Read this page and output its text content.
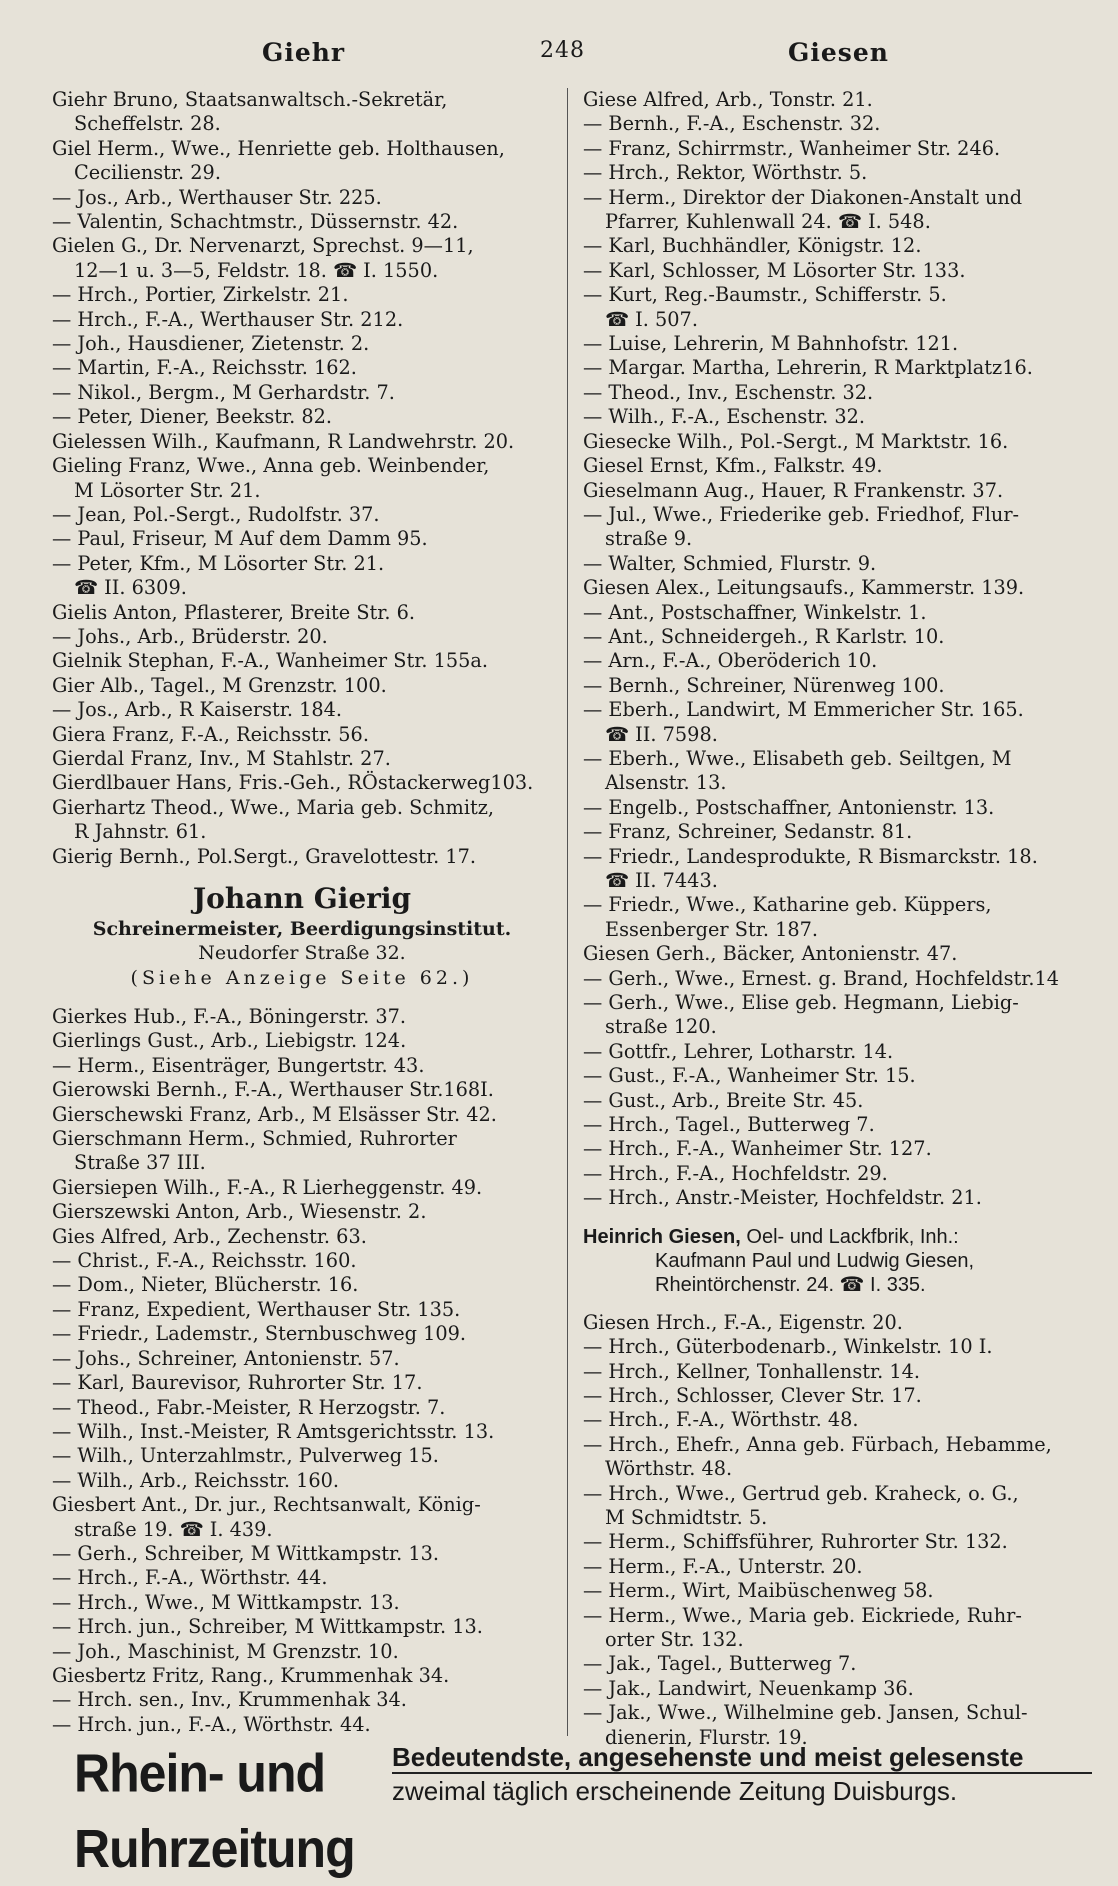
Giehr	248	Giesen
Giehr Bruno, Staatsanwaltsch.-Sekretär,
Scheffelstr. 28.
Giel Herm., Wwe., Henriette geb. Holthausen,
Cecilienstr. 29.
— Jos., Arb., Werthauser Str. 225.
— Valentin, Schachtmstr., Düssernstr. 42.
Gielen G., Dr. Nervenarzt, Sprechst. 9—11,
12—1 u. 3—5, Feldstr. 18. ☎ I. 1550.
— Hrch., Portier, Zirkelstr. 21.
— Hrch., F.-A., Werthauser Str. 212.
— Joh., Hausdiener, Zietenstr. 2.
— Martin, F.-A., Reichsstr. 162.
— Nikol., Bergm., M Gerhardstr. 7.
— Peter, Diener, Beekstr. 82.
Gielessen Wilh., Kaufmann, R Landwehrstr. 20.
Gieling Franz, Wwe., Anna geb. Weinbender,
M Lösorter Str. 21.
— Jean, Pol.-Sergt., Rudolfstr. 37.
— Paul, Friseur, M Auf dem Damm 95.
— Peter, Kfm., M Lösorter Str. 21.
☎ II. 6309.
Gielis Anton, Pflasterer, Breite Str. 6.
— Johs., Arb., Brüderstr. 20.
Gielnik Stephan, F.-A., Wanheimer Str. 155a.
Gier Alb., Tagel., M Grenzstr. 100.
— Jos., Arb., R Kaiserstr. 184.
Giera Franz, F.-A., Reichsstr. 56.
Gierdal Franz, Inv., M Stahlstr. 27.
Gierdlbauer Hans, Fris.-Geh., RÖstackerweg103.
Gierhartz Theod., Wwe., Maria geb. Schmitz,
R Jahnstr. 61.
Gierig Bernh., Pol.Sergt., Gravelottestr. 17.
Johann Gierig
Schreinermeister, Beerdigungsinstitut.
Neudorfer Straße 32.
(Siehe Anzeige Seite 62.)
Gierkes Hub., F.-A., Böningerstr. 37.
Gierlings Gust., Arb., Liebigstr. 124.
— Herm., Eisenträger, Bungertstr. 43.
Gierowski Bernh., F.-A., Werthauser Str.168I.
Gierschewski Franz, Arb., M Elsässer Str. 42.
Gierschmann Herm., Schmied, Ruhrorter
Straße 37 III.
Giersiepen Wilh., F.-A., R Lierheggenstr. 49.
Gierszewski Anton, Arb., Wiesenstr. 2.
Gies Alfred, Arb., Zechenstr. 63.
— Christ., F.-A., Reichsstr. 160.
— Dom., Nieter, Blücherstr. 16.
— Franz, Expedient, Werthauser Str. 135.
— Friedr., Lademstr., Sternbuschweg 109.
— Johs., Schreiner, Antonienstr. 57.
— Karl, Baurevisor, Ruhrorter Str. 17.
— Theod., Fabr.-Meister, R Herzogstr. 7.
— Wilh., Inst.-Meister, R Amtsgerichtsstr. 13.
— Wilh., Unterzahlmstr., Pulverweg 15.
— Wilh., Arb., Reichsstr. 160.
Giesbert Ant., Dr. jur., Rechtsanwalt, König-
straße 19. ☎ I. 439.
— Gerh., Schreiber, M Wittkampstr. 13.
— Hrch., F.-A., Wörthstr. 44.
— Hrch., Wwe., M Wittkampstr. 13.
— Hrch. jun., Schreiber, M Wittkampstr. 13.
— Joh., Maschinist, M Grenzstr. 10.
Giesbertz Fritz, Rang., Krummenhak 34.
— Hrch. sen., Inv., Krummenhak 34.
— Hrch. jun., F.-A., Wörthstr. 44.
Giese Alfred, Arb., Tonstr. 21.
— Bernh., F.-A., Eschenstr. 32.
— Franz, Schirrmstr., Wanheimer Str. 246.
— Hrch., Rektor, Wörthstr. 5.
— Herm., Direktor der Diakonen-Anstalt und
Pfarrer, Kuhlenwall 24. ☎ I. 548.
— Karl, Buchhändler, Königstr. 12.
— Karl, Schlosser, M Lösorter Str. 133.
— Kurt, Reg.-Baumstr., Schifferstr. 5.
☎ I. 507.
— Luise, Lehrerin, M Bahnhofstr. 121.
— Margar. Martha, Lehrerin, R Marktplatz16.
— Theod., Inv., Eschenstr. 32.
— Wilh., F.-A., Eschenstr. 32.
Giesecke Wilh., Pol.-Sergt., M Marktstr. 16.
Giesel Ernst, Kfm., Falkstr. 49.
Gieselmann Aug., Hauer, R Frankenstr. 37.
— Jul., Wwe., Friederike geb. Friedhof, Flur-
straße 9.
— Walter, Schmied, Flurstr. 9.
Giesen Alex., Leitungsaufs., Kammerstr. 139.
— Ant., Postschaffner, Winkelstr. 1.
— Ant., Schneidergeh., R Karlstr. 10.
— Arn., F.-A., Oberöderich 10.
— Bernh., Schreiner, Nürenweg 100.
— Eberh., Landwirt, M Emmericher Str. 165.
☎ II. 7598.
— Eberh., Wwe., Elisabeth geb. Seiltgen, M
Alsenstr. 13.
— Engelb., Postschaffner, Antonienstr. 13.
— Franz, Schreiner, Sedanstr. 81.
— Friedr., Landesprodukte, R Bismarckstr. 18.
☎ II. 7443.
— Friedr., Wwe., Katharine geb. Küppers,
Essenberger Str. 187.
Giesen Gerh., Bäcker, Antonienstr. 47.
— Gerh., Wwe., Ernest. g. Brand, Hochfeldstr.14
— Gerh., Wwe., Elise geb. Hegmann, Liebig-
straße 120.
— Gottfr., Lehrer, Lotharstr. 14.
— Gust., F.-A., Wanheimer Str. 15.
— Gust., Arb., Breite Str. 45.
— Hrch., Tagel., Butterweg 7.
— Hrch., F.-A., Wanheimer Str. 127.
— Hrch., F.-A., Hochfeldstr. 29.
— Hrch., Anstr.-Meister, Hochfeldstr. 21.
Heinrich Giesen, Oel- und Lackfbrik, Inh.:
Kaufmann Paul und Ludwig Giesen,
Rheintörchenstr. 24. ☎ I. 335.
Giesen Hrch., F.-A., Eigenstr. 20.
— Hrch., Güterbodenarb., Winkelstr. 10 I.
— Hrch., Kellner, Tonhallenstr. 14.
— Hrch., Schlosser, Clever Str. 17.
— Hrch., F.-A., Wörthstr. 48.
— Hrch., Ehefr., Anna geb. Fürbach, Hebamme,
Wörthstr. 48.
— Hrch., Wwe., Gertrud geb. Kraheck, o. G.,
M Schmidtstr. 5.
— Herm., Schiffsführer, Ruhrorter Str. 132.
— Herm., F.-A., Unterstr. 20.
— Herm., Wirt, Maibüschenweg 58.
— Herm., Wwe., Maria geb. Eickriede, Ruhr-
orter Str. 132.
— Jak., Tagel., Butterweg 7.
— Jak., Landwirt, Neuenkamp 36.
— Jak., Wwe., Wilhelmine geb. Jansen, Schul-
dienerin, Flurstr. 19.
Rhein- und Ruhrzeitung
Bedeutendste, angesehenste und meist gelesenste
zweimal täglich erscheinende Zeitung Duisburgs.
